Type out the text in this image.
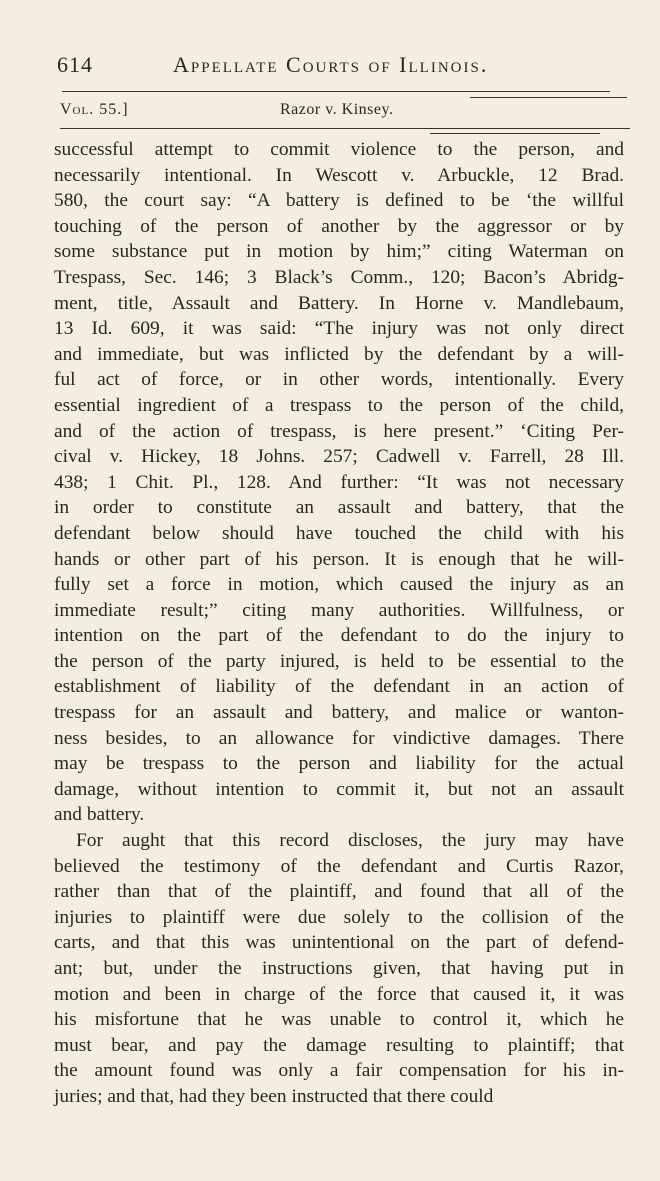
614	Appellate Courts of Illinois.
Vol. 55.]	Razor v. Kinsey.
successful attempt to commit violence to the person, and
necessarily intentional. In Wescott v. Arbuckle, 12 Brad.
580, the court say: “A battery is defined to be ‘the willful
touching of the person of another by the aggressor or by
some substance put in motion by him;” citing Waterman on
Trespass, Sec. 146; 3 Black’s Comm., 120; Bacon’s Abridg-
ment, title, Assault and Battery. In Horne v. Mandlebaum,
13 Id. 609, it was said: “The injury was not only direct
and immediate, but was inflicted by the defendant by a will-
ful act of force, or in other words, intentionally. Every
essential ingredient of a trespass to the person of the child,
and of the action of trespass, is here present.” ‘Citing Per-
cival v. Hickey, 18 Johns. 257; Cadwell v. Farrell, 28 Ill.
438; 1 Chit. Pl., 128. And further: “It was not necessary
in order to constitute an assault and battery, that the
defendant below should have touched the child with his
hands or other part of his person. It is enough that he will-
fully set a force in motion, which caused the injury as an
immediate result;” citing many authorities. Willfulness, or
intention on the part of the defendant to do the injury to
the person of the party injured, is held to be essential to the
establishment of liability of the defendant in an action of
trespass for an assault and battery, and malice or wanton-
ness besides, to an allowance for vindictive damages. There
may be trespass to the person and liability for the actual
damage, without intention to commit it, but not an assault
and battery.
For aught that this record discloses, the jury may have
believed the testimony of the defendant and Curtis Razor,
rather than that of the plaintiff, and found that all of the
injuries to plaintiff were due solely to the collision of the
carts, and that this was unintentional on the part of defend-
ant; but, under the instructions given, that having put in
motion and been in charge of the force that caused it, it was
his misfortune that he was unable to control it, which he
must bear, and pay the damage resulting to plaintiff; that
the amount found was only a fair compensation for his in-
juries; and that, had they been instructed that there could
